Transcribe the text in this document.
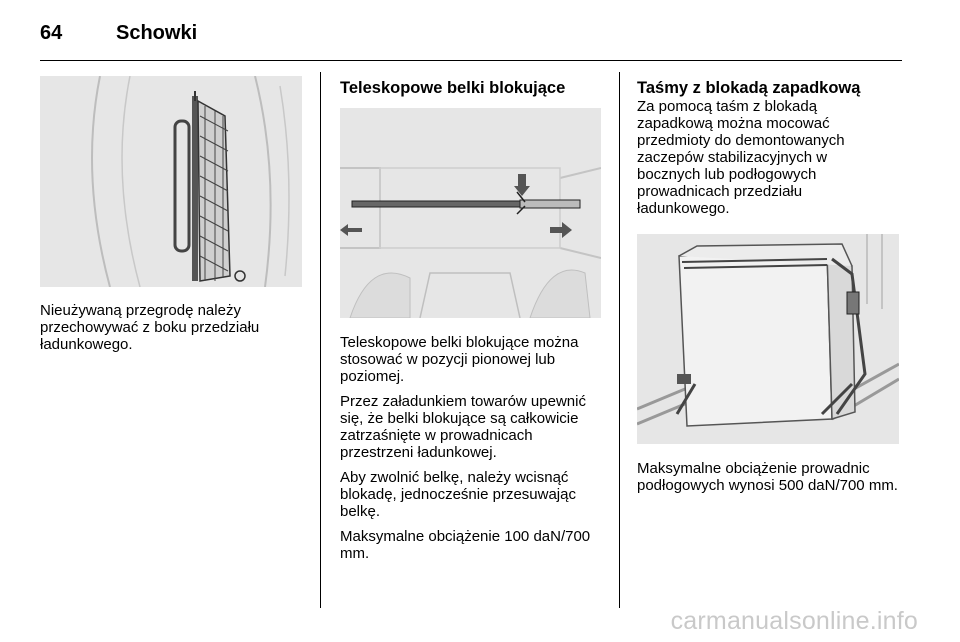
64	Schowki
Nieużywaną przegrodę należy przechowywać z boku przedziału ładunkowego.
Teleskopowe belki blokujące

Teleskopowe belki blokujące można stosować w pozycji pionowej lub poziomej.

Przez załadunkiem towarów upewnić się, że belki blokujące są całkowicie zatrzaśnięte w prowadnicach przestrzeni ładunkowej.

Aby zwolnić belkę, należy wcisnąć blokadę, jednocześnie przesuwając belkę.

Maksymalne obciążenie 100 daN/700 mm.

Taśmy z blokadą zapadkową
Za pomocą taśm z blokadą zapadkową można mocować przedmioty do demontowanych zaczepów stabilizacyjnych w bocznych lub podłogowych prowadnicach przedziału ładunkowego.
Maksymalne obciążenie prowadnic podłogowych wynosi 500 daN/700 mm.
carmanualsonline.info
